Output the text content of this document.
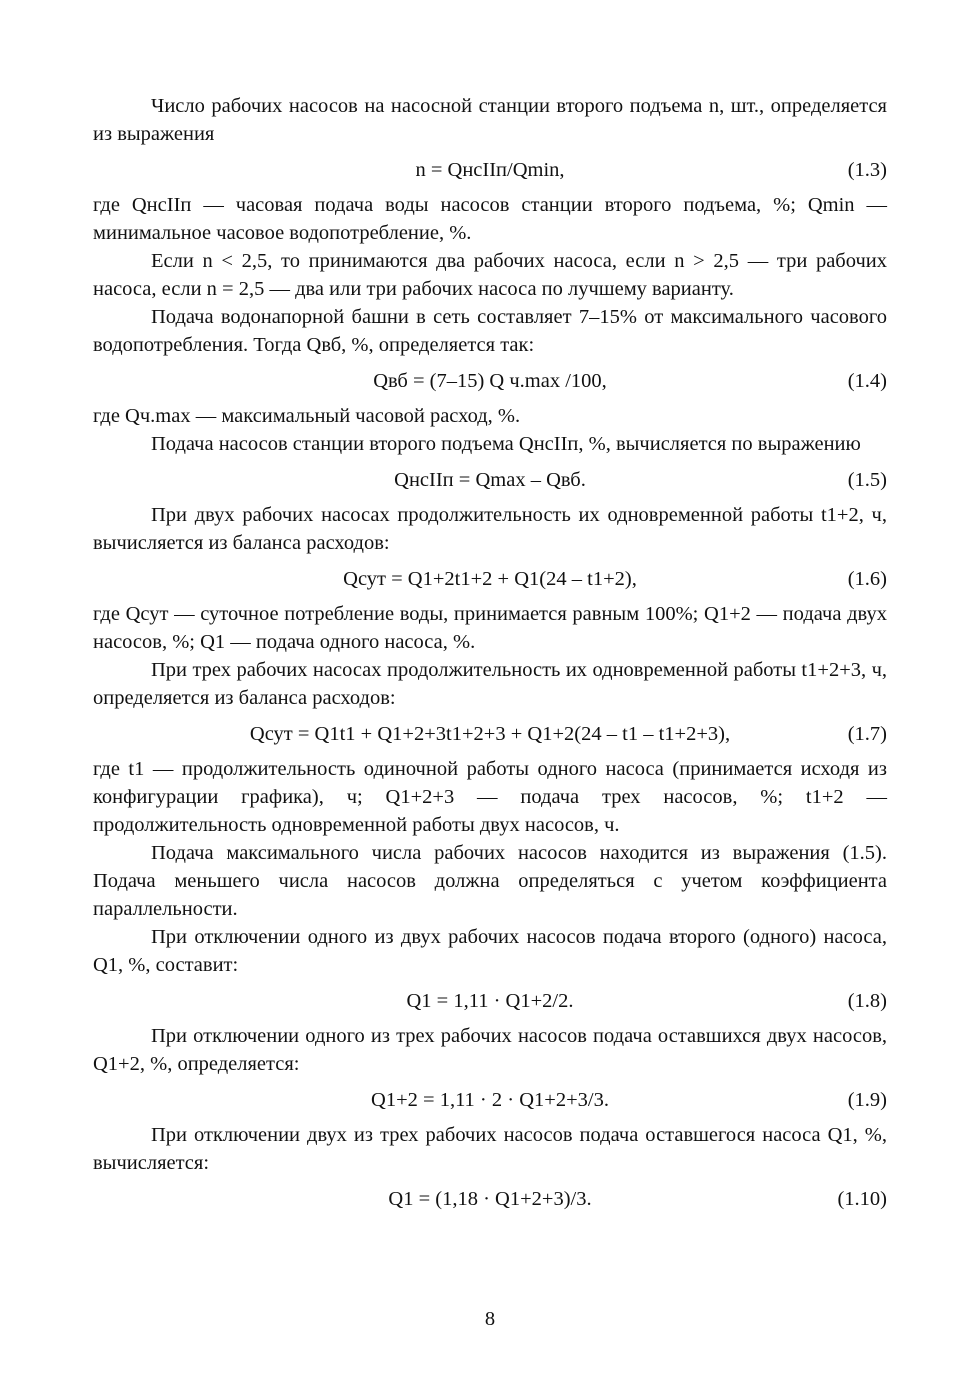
Число рабочих насосов на насосной станции второго подъема n, шт., определяется из выражения

n = QнсIIп/Qmin,	(1.3)

где QнсIIп — часовая подача воды насосов станции второго подъема, %; Qmin — минимальное часовое водопотребление, %.

Если n < 2,5, то принимаются два рабочих насоса, если n > 2,5 — три рабочих насоса, если n = 2,5 — два или три рабочих насоса по лучшему варианту.

Подача водонапорной башни в сеть составляет 7–15% от максимального часового водопотребления. Тогда Qвб, %, определяется так:

Qвб = (7–15) Q ч.max /100,	(1.4)

где Qч.max — максимальный часовой расход, %.

Подача насосов станции второго подъема QнсIIп, %, вычисляется по выражению

QнсIIп = Qmax – Qвб.	(1.5)

При двух рабочих насосах продолжительность их одновременной работы t1+2, ч, вычисляется из баланса расходов:

Qсут = Q1+2t1+2 + Q1(24 – t1+2),	(1.6)

где Qсут — суточное потребление воды, принимается равным 100%; Q1+2 — подача двух насосов, %; Q1 — подача одного насоса, %.

При трех рабочих насосах продолжительность их одновременной работы t1+2+3, ч, определяется из баланса расходов:

Qсут = Q1t1 + Q1+2+3t1+2+3 + Q1+2(24 – t1 – t1+2+3),	(1.7)

где t1 — продолжительность одиночной работы одного насоса (принимается исходя из конфигурации графика), ч; Q1+2+3 — подача трех насосов, %; t1+2 — продолжительность одновременной работы двух насосов, ч.

Подача максимального числа рабочих насосов находится из выражения (1.5). Подача меньшего числа насосов должна определяться с учетом коэффициента параллельности.

При отключении одного из двух рабочих насосов подача второго (одного) насоса, Q1, %, составит:

Q1 = 1,11 · Q1+2/2.	(1.8)

При отключении одного из трех рабочих насосов подача оставшихся двух насосов, Q1+2, %, определяется:

Q1+2 = 1,11 · 2 · Q1+2+3/3.	(1.9)

При отключении двух из трех рабочих насосов подача оставшегося насоса Q1, %, вычисляется:

Q1 = (1,18 · Q1+2+3)/3.	(1.10)
8
